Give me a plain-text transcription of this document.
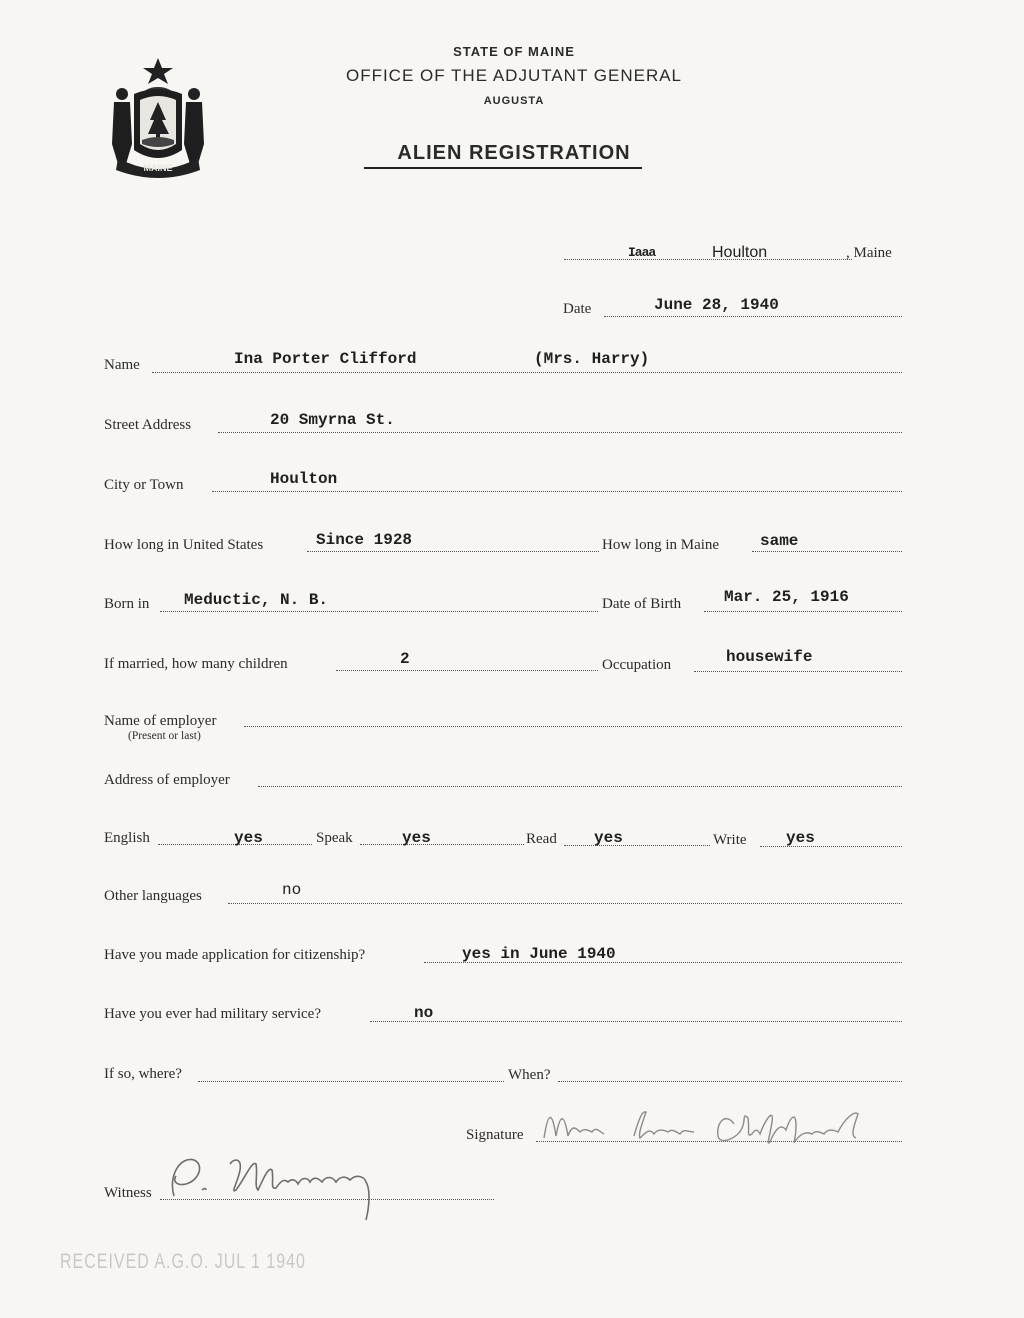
MAINE
STATE OF MAINE
OFFICE OF THE ADJUTANT GENERAL
AUGUSTA
ALIEN REGISTRATION
Iaaa	Houlton	, Maine
Date	June 28, 1940
Name	Ina Porter Clifford	(Mrs. Harry)
Street Address	20 Smyrna St.
City or Town	Houlton
How long in United States	Since 1928	How long in Maine	same
Born in Meductic, N. B.	Date of Birth	Mar. 25, 1916
If married, how many children	2	Occupation	housewife
Name of employer
(Present or last)
Address of employer
English	yes	Speak	yes	Read yes	Write yes
Other languages	no
Have you made application for citizenship?	yes in June 1940
Have you ever had military service?	no
If so, where?	When?
Signature
Witness
RECEIVED A.G.O. JUL 1 1940
